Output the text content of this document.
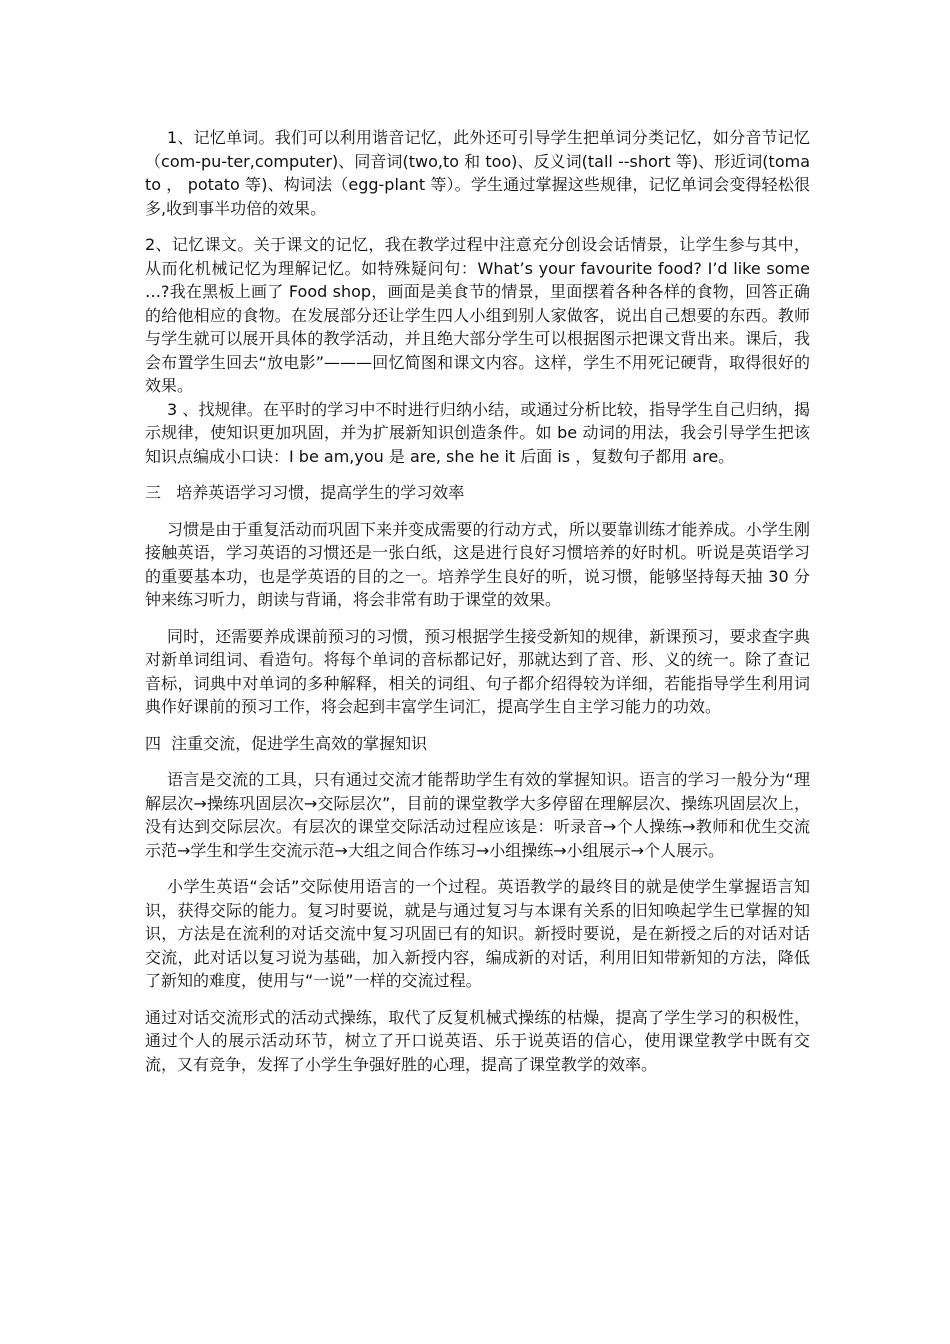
1、记忆单词。我们可以利用谐音记忆，此外还可引导学生把单词分类记忆，如分音节记忆（com-pu-ter,computer)、同音词(two,to 和 too)、反义词(tall --short 等)、形近词(tomato ， potato 等)、构词法（egg-plant 等）。学生通过掌握这些规律，记忆单词会变得轻松很多,收到事半功倍的效果。

2、记忆课文。关于课文的记忆，我在教学过程中注意充分创设会话情景，让学生参与其中，从而化机械记忆为理解记忆。如特殊疑问句：What’s your favourite food? I’d like some …?我在黑板上画了 Food shop，画面是美食节的情景，里面摆着各种各样的食物，回答正确的给他相应的食物。在发展部分还让学生四人小组到别人家做客，说出自己想要的东西。教师与学生就可以展开具体的教学活动，并且绝大部分学生可以根据图示把课文背出来。课后，我会布置学生回去“放电影”———回忆简图和课文内容。这样，学生不用死记硬背，取得很好的效果。

3 、找规律。在平时的学习中不时进行归纳小结，或通过分析比较，指导学生自己归纳，揭示规律，使知识更加巩固，并为扩展新知识创造条件。如 be 动词的用法，我会引导学生把该知识点编成小口诀：I be am,you 是 are, she he it 后面 is ，复数句子都用 are。

三   培养英语学习习惯，提高学生的学习效率

习惯是由于重复活动而巩固下来并变成需要的行动方式，所以要靠训练才能养成。小学生刚接触英语，学习英语的习惯还是一张白纸，这是进行良好习惯培养的好时机。听说是英语学习的重要基本功，也是学英语的目的之一。培养学生良好的听，说习惯，能够坚持每天抽 30 分钟来练习听力，朗读与背诵，将会非常有助于课堂的效果。

同时，还需要养成课前预习的习惯，预习根据学生接受新知的规律，新课预习，要求查字典对新单词组词、看造句。将每个单词的音标都记好，那就达到了音、形、义的统一。除了查记音标，词典中对单词的多种解释，相关的词组、句子都介绍得较为详细，若能指导学生利用词典作好课前的预习工作，将会起到丰富学生词汇，提高学生自主学习能力的功效。

四  注重交流，促进学生高效的掌握知识

语言是交流的工具，只有通过交流才能帮助学生有效的掌握知识。语言的学习一般分为“理解层次→操练巩固层次→交际层次”，目前的课堂教学大多停留在理解层次、操练巩固层次上，没有达到交际层次。有层次的课堂交际活动过程应该是：听录音→个人操练→教师和优生交流示范→学生和学生交流示范→大组之间合作练习→小组操练→小组展示→个人展示。

小学生英语“会话”交际使用语言的一个过程。英语教学的最终目的就是使学生掌握语言知识，获得交际的能力。复习时要说，就是与通过复习与本课有关系的旧知唤起学生已掌握的知识，方法是在流利的对话交流中复习巩固已有的知识。新授时要说，是在新授之后的对话对话交流，此对话以复习说为基础，加入新授内容，编成新的对话，利用旧知带新知的方法，降低了新知的难度，使用与“一说”一样的交流过程。

通过对话交流形式的活动式操练，取代了反复机械式操练的枯燥，提高了学生学习的积极性，通过个人的展示活动环节，树立了开口说英语、乐于说英语的信心，使用课堂教学中既有交流，又有竞争，发挥了小学生争强好胜的心理，提高了课堂教学的效率。
